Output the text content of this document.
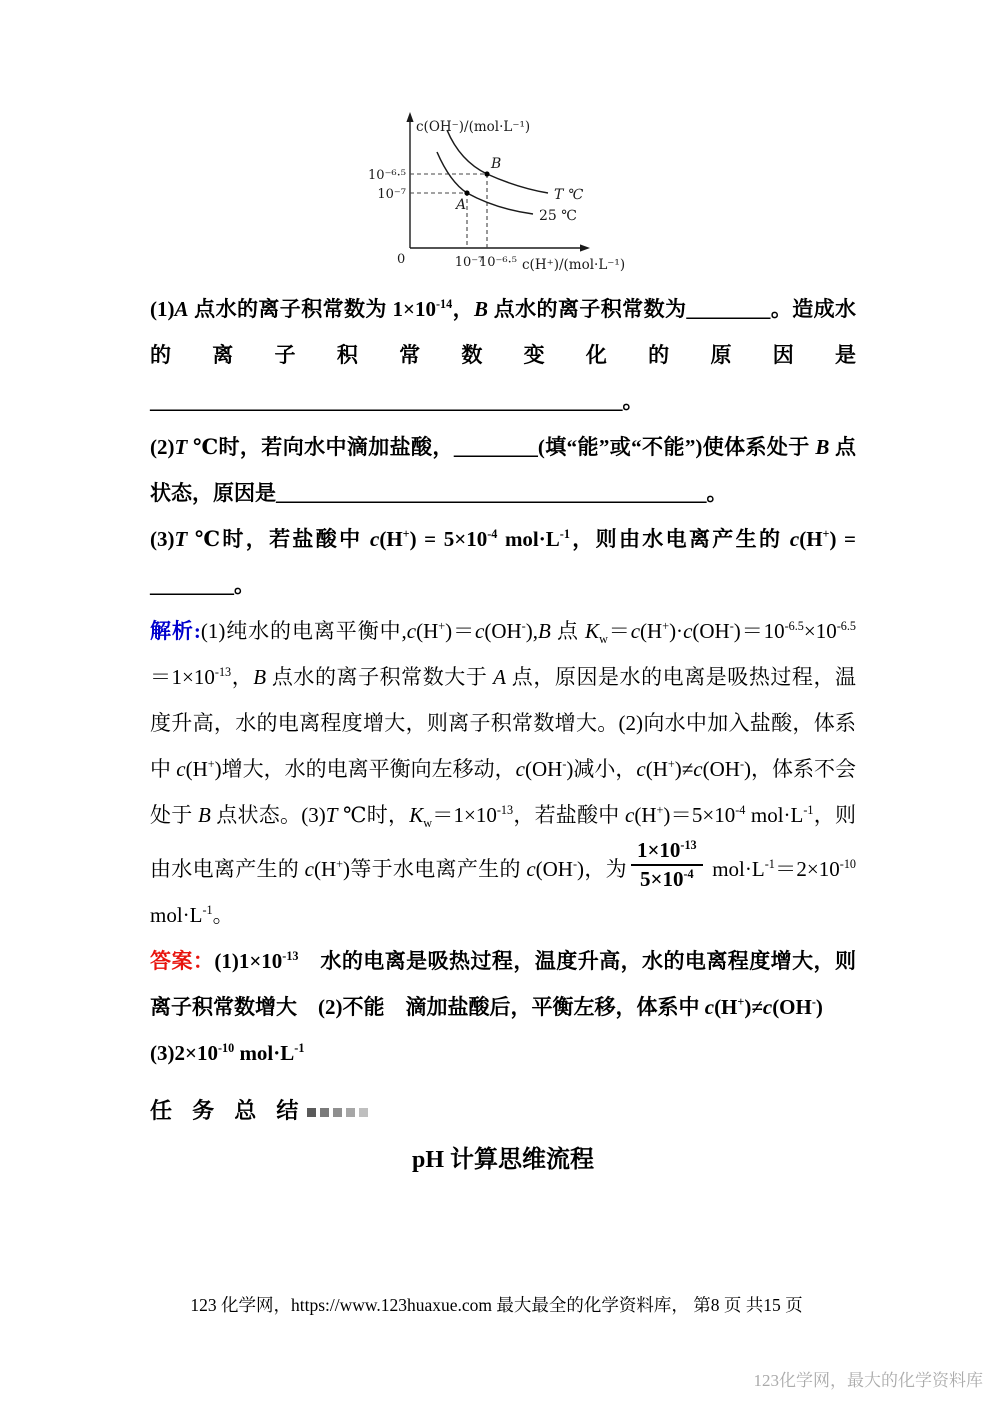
c(OH⁻)/(mol·L⁻¹)
c(H⁺)/(mol·L⁻¹)
0
10⁻⁶·⁵
10⁻⁷
10⁻⁷
10⁻⁶·⁵
B
A
T ℃
25 ℃

(1)A 点水的离子积常数为 $1\times 10^{-14}$，B 点水的离子积常数为________。造成水的离子积常数变化的原因是_____________________________________________。

(2)T ℃时，若向水中滴加盐酸，________(填“能”或“不能”)使体系处于 B 点状态，原因是_________________________________________。

(3)T ℃时，若盐酸中 $c(H^+) = 5\times 10^{-4}$ $mol\cdot L^{-1}$，则由水电离产生的 c(H+) = ________。

解析:(1)纯水的电离平衡中,c(H+)＝c(OH-),B 点 $K_w=c(H^+)\cdot c(OH^-)=10^{-6.5}\times 10^{-6.5}=1\times 10^{-13}$，B 点水的离子积常数大于 A 点，原因是水的电离是吸热过程，温度升高，水的电离程度增大，则离子积常数增大。(2)向水中加入盐酸，体系中 c(H+)增大，水的电离平衡向左移动，c(OH-)减小，c(H+)≠c(OH-)，体系不会处于 B 点状态。(3)T ℃时，$K_w=1\times 10^{-13}$，若盐酸中 $c(H^+)=5\times 10^{-4}$ $mol\cdot L^{-1}$，则由水电离产生的 c(H+)等于水电离产生的 c(OH-)，为 $\frac{1\times 10^{-13}}{5\times 10^{-4}} mol\cdot L^{-1}=2\times 10^{-10}$ $mol\cdot L^{-1}$。

答案：$(1)1\times 10^{-13}$　水的电离是吸热过程，温度升高，水的电离程度增大，则离子积常数增大　(2)不能　滴加盐酸后，平衡左移，体系中 c(H+)≠c(OH-)
$(3)2\times 10^{-10}$ $mol\cdot L^{-1}$

任 务 总 结

pH 计算思维流程

123 化学网，https://www.123huaxue.com 最大最全的化学资料库， 第8 页 共15 页
123化学网，最大的化学资料库
